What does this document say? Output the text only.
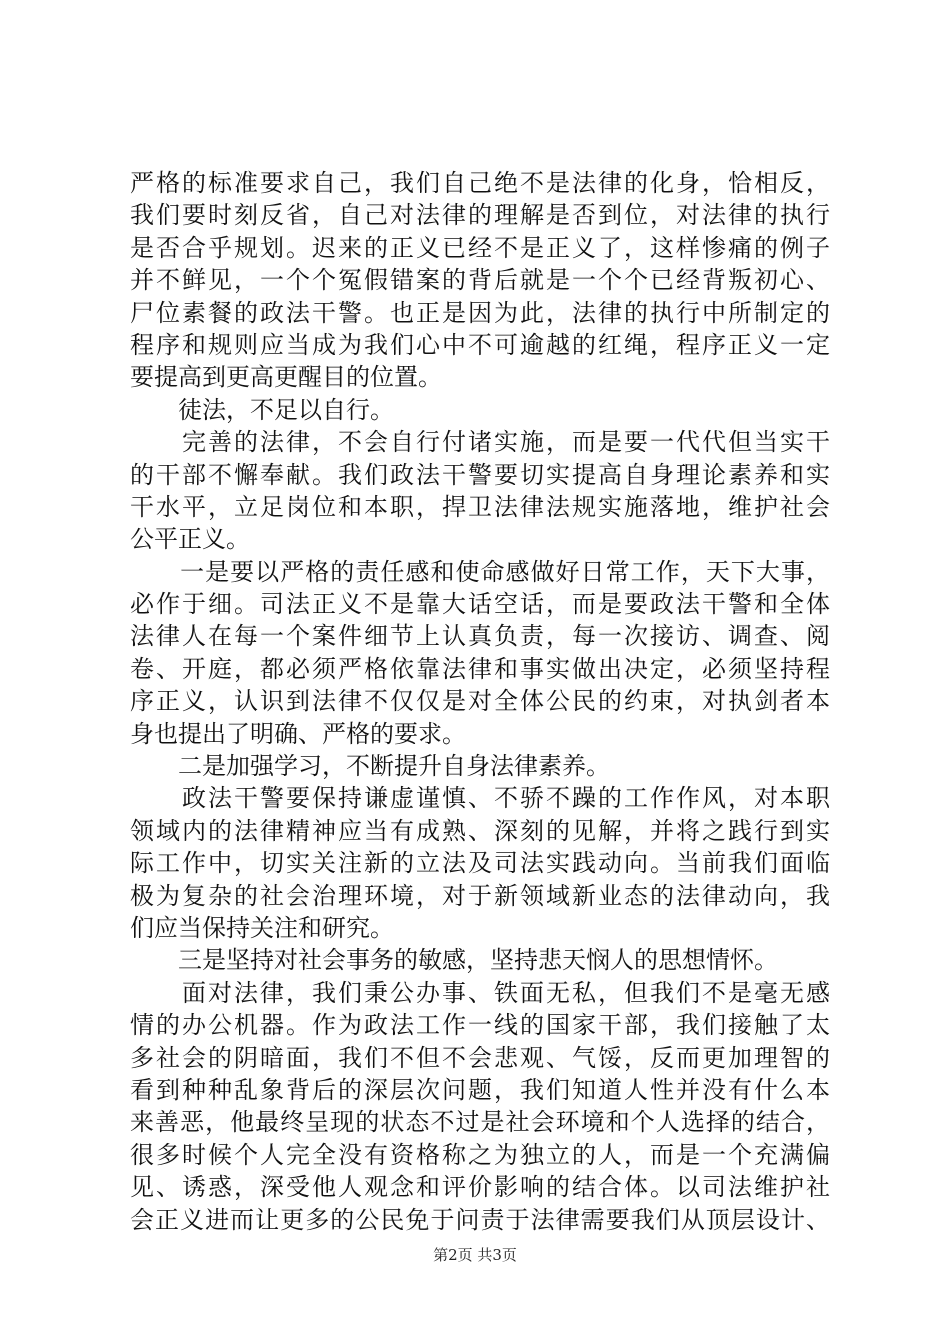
严格的标准要求自己，我们自己绝不是法律的化身，恰相反，
我们要时刻反省，自己对法律的理解是否到位，对法律的执行
是否合乎规划。迟来的正义已经不是正义了，这样惨痛的例子
并不鲜见，一个个冤假错案的背后就是一个个已经背叛初心、
尸位素餐的政法干警。也正是因为此，法律的执行中所制定的
程序和规则应当成为我们心中不可逾越的红绳，程序正义一定
要提高到更高更醒目的位置。
　　徒法，不足以自行。
　　完善的法律，不会自行付诸实施，而是要一代代但当实干
的干部不懈奉献。我们政法干警要切实提高自身理论素养和实
干水平，立足岗位和本职，捍卫法律法规实施落地，维护社会
公平正义。
　　一是要以严格的责任感和使命感做好日常工作，天下大事，
必作于细。司法正义不是靠大话空话，而是要政法干警和全体
法律人在每一个案件细节上认真负责，每一次接访、调查、阅
卷、开庭，都必须严格依靠法律和事实做出决定，必须坚持程
序正义，认识到法律不仅仅是对全体公民的约束，对执剑者本
身也提出了明确、严格的要求。
　　二是加强学习，不断提升自身法律素养。
　　政法干警要保持谦虚谨慎、不骄不躁的工作作风，对本职
领域内的法律精神应当有成熟、深刻的见解，并将之践行到实
际工作中，切实关注新的立法及司法实践动向。当前我们面临
极为复杂的社会治理环境，对于新领域新业态的法律动向，我
们应当保持关注和研究。
　　三是坚持对社会事务的敏感，坚持悲天悯人的思想情怀。
　　面对法律，我们秉公办事、铁面无私，但我们不是毫无感
情的办公机器。作为政法工作一线的国家干部，我们接触了太
多社会的阴暗面，我们不但不会悲观、气馁，反而更加理智的
看到种种乱象背后的深层次问题，我们知道人性并没有什么本
来善恶，他最终呈现的状态不过是社会环境和个人选择的结合，
很多时候个人完全没有资格称之为独立的人，而是一个充满偏
见、诱惑，深受他人观念和评价影响的结合体。以司法维护社
会正义进而让更多的公民免于问责于法律需要我们从顶层设计、
第2页 共3页
